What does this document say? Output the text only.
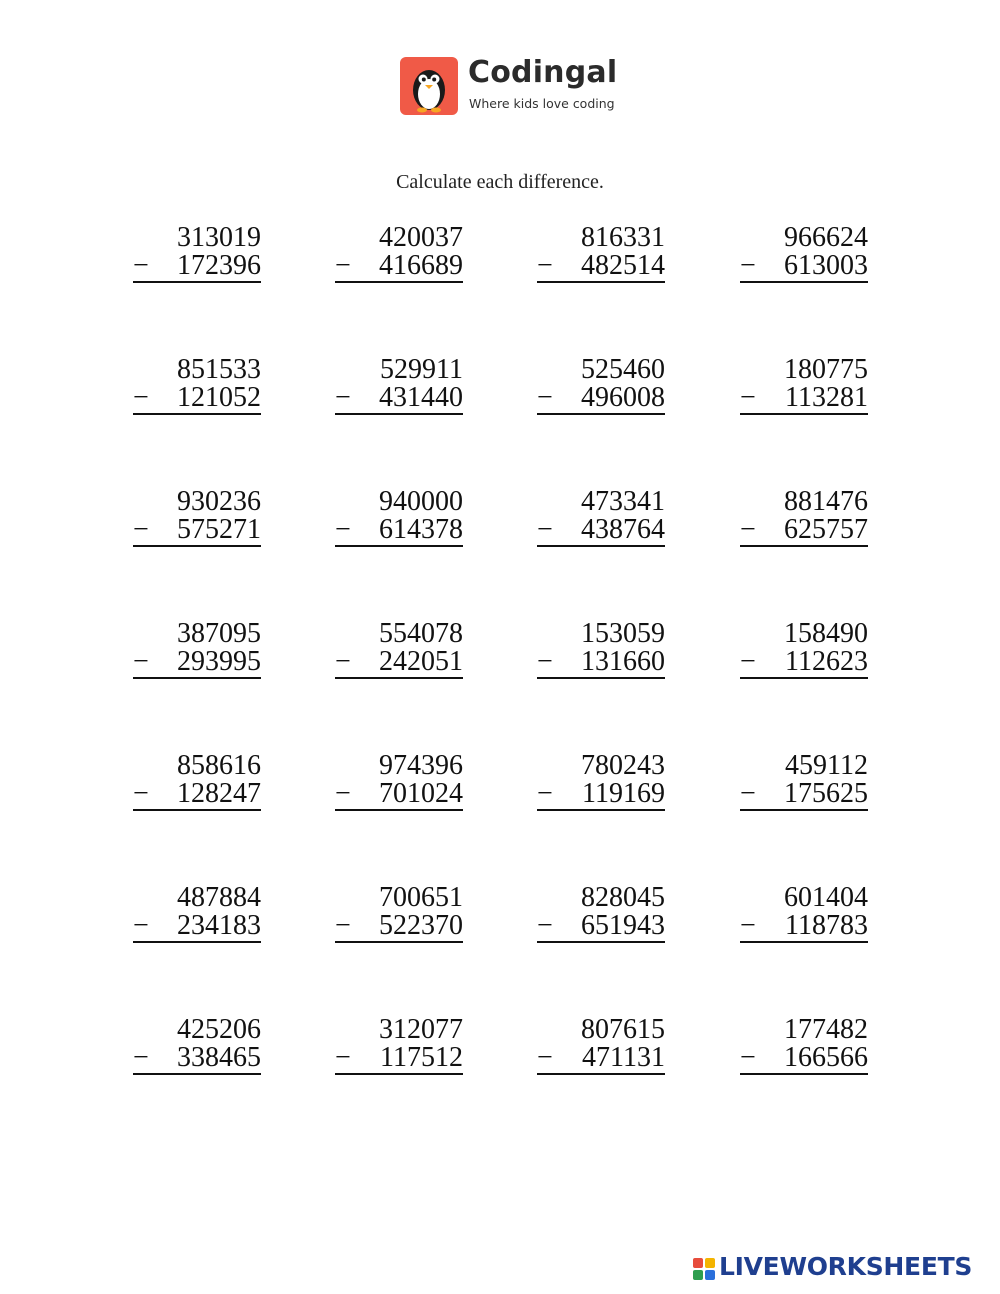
Codingal
Where kids love coding
Calculate each difference.
313019
− 172396
420037
− 416689
816331
− 482514
966624
− 613003
851533
− 121052
529911
− 431440
525460
− 496008
180775
− 113281
930236
− 575271
940000
− 614378
473341
− 438764
881476
− 625757
387095
− 293995
554078
− 242051
153059
− 131660
158490
− 112623
858616
− 128247
974396
− 701024
780243
− 119169
459112
− 175625
487884
− 234183
700651
− 522370
828045
− 651943
601404
− 118783
425206
− 338465
312077
− 117512
807615
− 471131
177482
− 166566
LIVEWORKSHEETS
